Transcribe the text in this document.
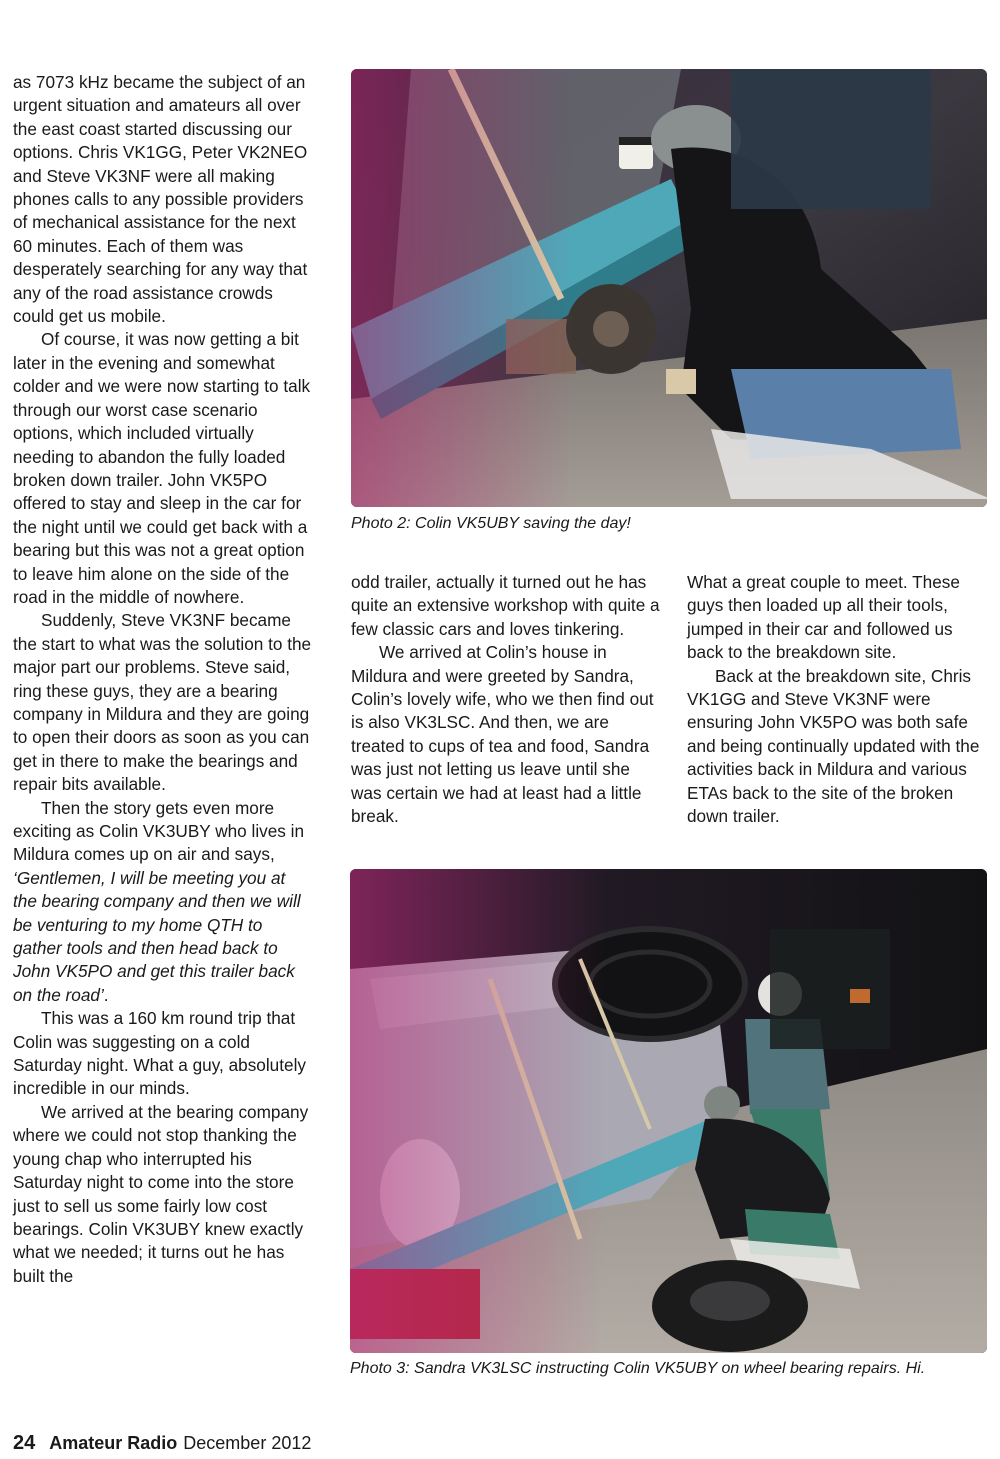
as 7073 kHz became the subject of an urgent situation and amateurs all over the east coast started discussing our options. Chris VK1GG, Peter VK2NEO and Steve VK3NF were all making phones calls to any possible providers of mechanical assistance for the next 60 minutes. Each of them was desperately searching for any way that any of the road assistance crowds could get us mobile.

Of course, it was now getting a bit later in the evening and somewhat colder and we were now starting to talk through our worst case scenario options, which included virtually needing to abandon the fully loaded broken down trailer. John VK5PO offered to stay and sleep in the car for the night until we could get back with a bearing but this was not a great option to leave him alone on the side of the road in the middle of nowhere.

Suddenly, Steve VK3NF became the start to what was the solution to the major part our problems. Steve said, ring these guys, they are a bearing company in Mildura and they are going to open their doors as soon as you can get in there to make the bearings and repair bits available.

Then the story gets even more exciting as Colin VK3UBY who lives in Mildura comes up on air and says, ‘Gentlemen, I will be meeting you at the bearing company and then we will be venturing to my home QTH to gather tools and then head back to John VK5PO and get this trailer back on the road’.

This was a 160 km round trip that Colin was suggesting on a cold Saturday night. What a guy, absolutely incredible in our minds.

We arrived at the bearing company where we could not stop thanking the young chap who interrupted his Saturday night to come into the store just to sell us some fairly low cost bearings. Colin VK3UBY knew exactly what we needed; it turns out he has built the

Photo 2: Colin VK5UBY saving the day!

odd trailer, actually it turned out he has quite an extensive workshop with quite a few classic cars and loves tinkering.

We arrived at Colin’s house in Mildura and were greeted by Sandra, Colin’s lovely wife, who we then find out is also VK3LSC. And then, we are treated to cups of tea and food, Sandra was just not letting us leave until she was certain we had at least had a little break.

What a great couple to meet. These guys then loaded up all their tools, jumped in their car and followed us back to the breakdown site.

Back at the breakdown site, Chris VK1GG and Steve VK3NF were ensuring John VK5PO was both safe and being continually updated with the activities back in Mildura and various ETAs back to the site of the broken down trailer.

Photo 3: Sandra VK3LSC instructing Colin VK5UBY on wheel bearing repairs. Hi.
24 Amateur Radio December 2012
